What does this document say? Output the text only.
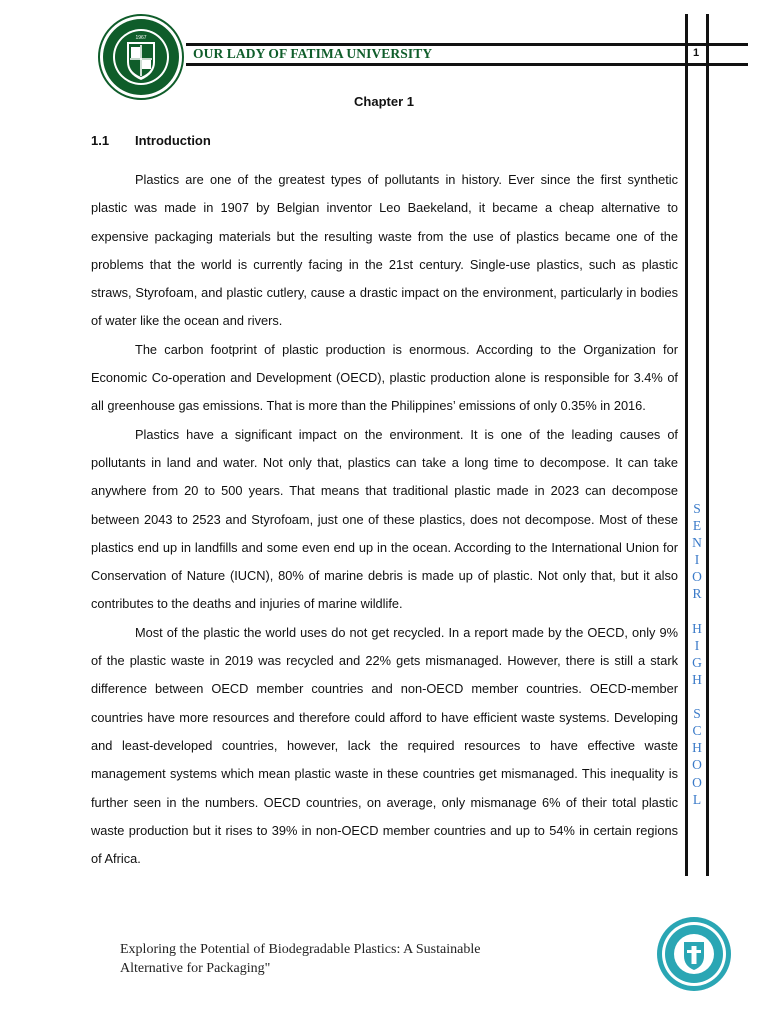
1967
OUR LADY OF FATIMA UNIVERSITY	1
S
E
N
I
O
R
H
I
G
H
S
C
H
O
O
L
Chapter 1
1.1 Introduction

Plastics are one of the greatest types of pollutants in history. Ever since the first synthetic plastic was made in 1907 by Belgian inventor Leo Baekeland, it became a cheap alternative to expensive packaging materials but the resulting waste from the use of plastics became one of the problems that the world is currently facing in the 21st century. Single-use plastics, such as plastic straws, Styrofoam, and plastic cutlery, cause a drastic impact on the environment, particularly in bodies of water like the ocean and rivers.

The carbon footprint of plastic production is enormous. According to the Organization for Economic Co-operation and Development (OECD), plastic production alone is responsible for 3.4% of all greenhouse gas emissions. That is more than the Philippines’ emissions of only 0.35% in 2016.

Plastics have a significant impact on the environment. It is one of the leading causes of pollutants in land and water. Not only that, plastics can take a long time to decompose. It can take anywhere from 20 to 500 years. That means that traditional plastic made in 2023 can decompose between 2043 to 2523 and Styrofoam, just one of these plastics, does not decompose. Most of these plastics end up in landfills and some even end up in the ocean. According to the International Union for Conservation of Nature (IUCN), 80% of marine debris is made up of plastic. Not only that, but it also contributes to the deaths and injuries of marine wildlife.

Most of the plastic the world uses do not get recycled. In a report made by the OECD, only 9% of the plastic waste in 2019 was recycled and 22% gets mismanaged. However, there is still a stark difference between OECD member countries and non-OECD member countries. OECD-member countries have more resources and therefore could afford to have efficient waste systems. Developing and least-developed countries, however, lack the required resources to have effective waste management systems which mean plastic waste in these countries get mismanaged. This inequality is further seen in the numbers. OECD countries, on average, only mismanage 6% of their total plastic waste production but it rises to 39% in non-OECD member countries and up to 54% in certain regions of Africa.

Exploring the Potential of Biodegradable Plastics: A Sustainable
Alternative for Packaging"
